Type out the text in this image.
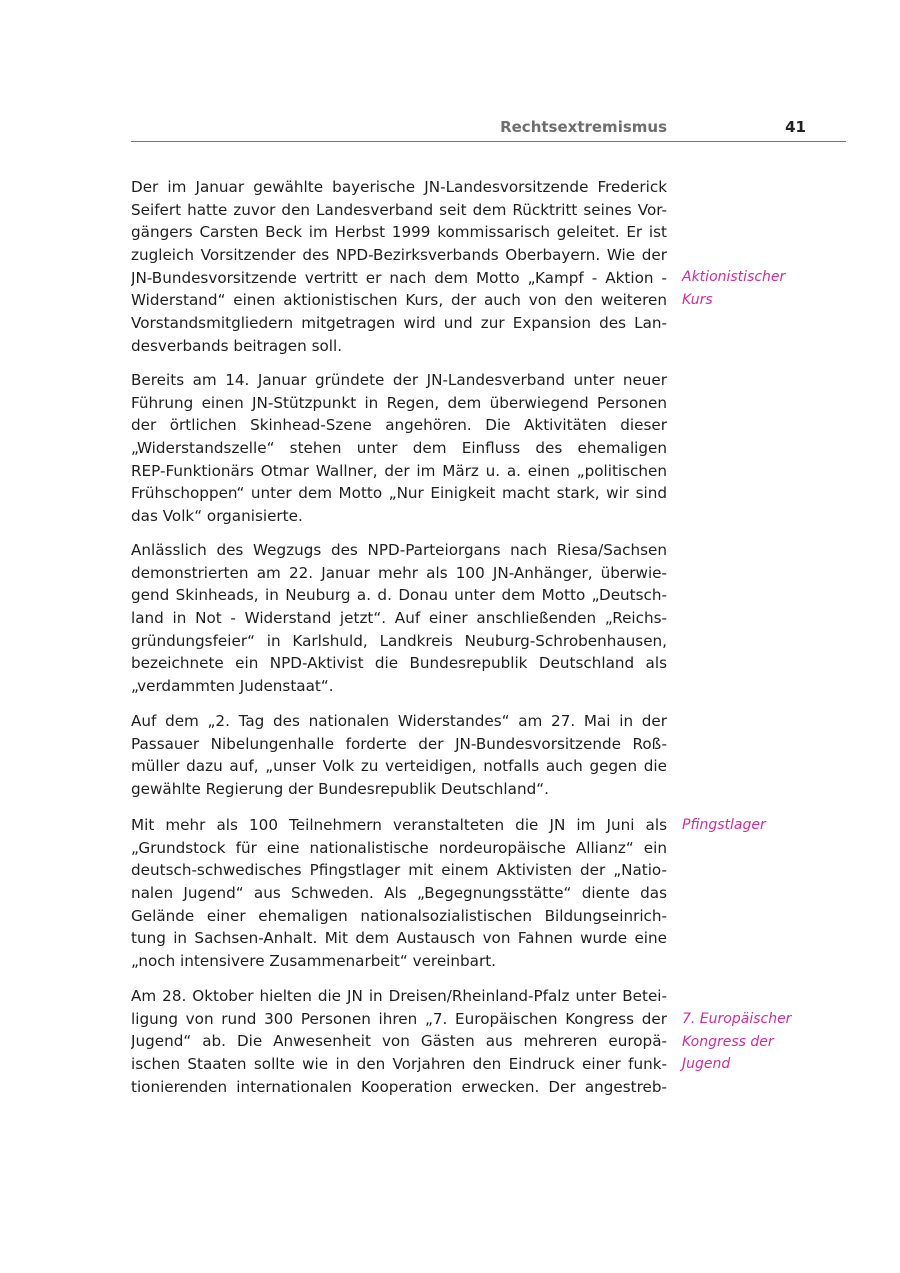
Rechtsextremismus	41
Der im Januar gewählte bayerische JN-Landesvorsitzende Frederick
Seifert hatte zuvor den Landesverband seit dem Rücktritt seines Vor-
gängers Carsten Beck im Herbst 1999 kommissarisch geleitet. Er ist
zugleich Vorsitzender des NPD-Bezirksverbands Oberbayern. Wie der
JN-Bundesvorsitzende vertritt er nach dem Motto „Kampf - Aktion -
Widerstand“ einen aktionistischen Kurs, der auch von den weiteren
Vorstandsmitgliedern mitgetragen wird und zur Expansion des Lan-
desverbands beitragen soll.
Bereits am 14. Januar gründete der JN-Landesverband unter neuer
Führung einen JN-Stützpunkt in Regen, dem überwiegend Personen
der örtlichen Skinhead-Szene angehören. Die Aktivitäten dieser
„Widerstandszelle“ stehen unter dem Einfluss des ehemaligen
REP-Funktionärs Otmar Wallner, der im März u. a. einen „politischen
Frühschoppen“ unter dem Motto „Nur Einigkeit macht stark, wir sind
das Volk“ organisierte.
Anlässlich des Wegzugs des NPD-Parteiorgans nach Riesa/Sachsen
demonstrierten am 22. Januar mehr als 100 JN-Anhänger, überwie-
gend Skinheads, in Neuburg a. d. Donau unter dem Motto „Deutsch-
land in Not - Widerstand jetzt“. Auf einer anschließenden „Reichs-
gründungsfeier“ in Karlshuld, Landkreis Neuburg-Schrobenhausen,
bezeichnete ein NPD-Aktivist die Bundesrepublik Deutschland als
„verdammten Judenstaat“.
Auf dem „2. Tag des nationalen Widerstandes“ am 27. Mai in der
Passauer Nibelungenhalle forderte der JN-Bundesvorsitzende Roß-
müller dazu auf, „unser Volk zu verteidigen, notfalls auch gegen die
gewählte Regierung der Bundesrepublik Deutschland“.
Mit mehr als 100 Teilnehmern veranstalteten die JN im Juni als
„Grundstock für eine nationalistische nordeuropäische Allianz“ ein
deutsch-schwedisches Pfingstlager mit einem Aktivisten der „Natio-
nalen Jugend“ aus Schweden. Als „Begegnungsstätte“ diente das
Gelände einer ehemaligen nationalsozialistischen Bildungseinrich-
tung in Sachsen-Anhalt. Mit dem Austausch von Fahnen wurde eine
„noch intensivere Zusammenarbeit“ vereinbart.
Am 28. Oktober hielten die JN in Dreisen/Rheinland-Pfalz unter Betei-
ligung von rund 300 Personen ihren „7. Europäischen Kongress der
Jugend“ ab. Die Anwesenheit von Gästen aus mehreren europä-
ischen Staaten sollte wie in den Vorjahren den Eindruck einer funk-
tionierenden internationalen Kooperation erwecken. Der angestreb-
Aktionistischer
Kurs
Pfingstlager
7. Europäischer
Kongress der
Jugend
